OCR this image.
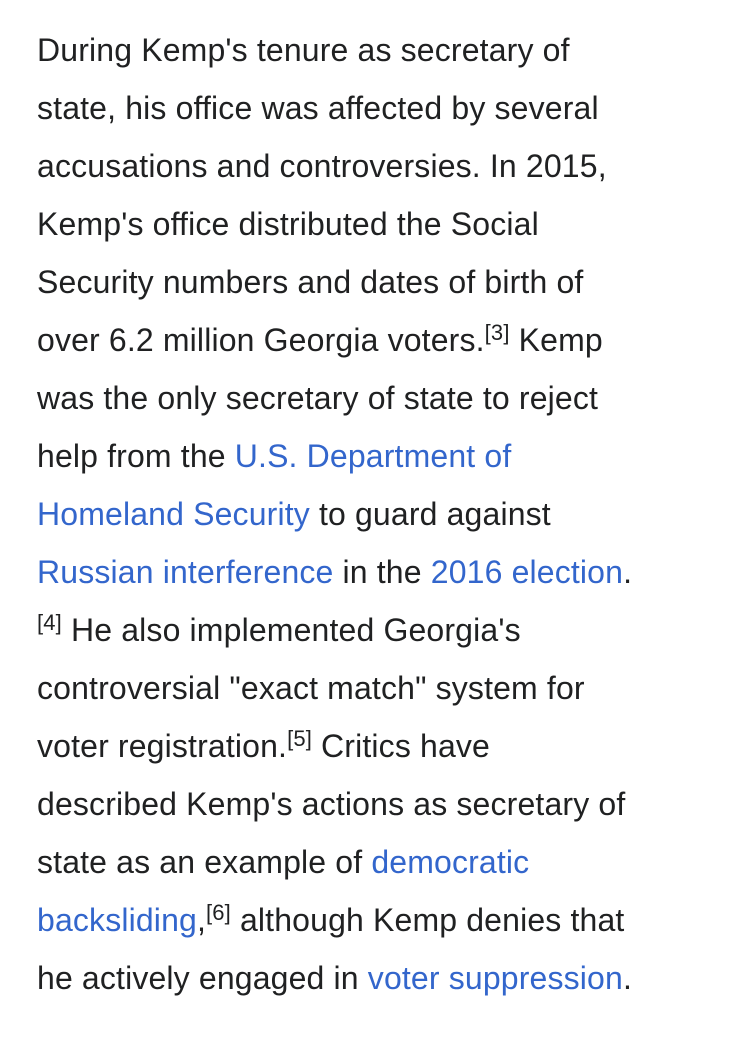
During Kemp's tenure as secretary of
state, his office was affected by several
accusations and controversies. In 2015,
Kemp's office distributed the Social
Security numbers and dates of birth of
over 6.2 million Georgia voters.[3] Kemp
was the only secretary of state to reject
help from the U.S. Department of
Homeland Security to guard against
Russian interference in the 2016 election.
[4] He also implemented Georgia's
controversial "exact match" system for
voter registration.[5] Critics have
described Kemp's actions as secretary of
state as an example of democratic
backsliding,[6] although Kemp denies that
he actively engaged in voter suppression.
